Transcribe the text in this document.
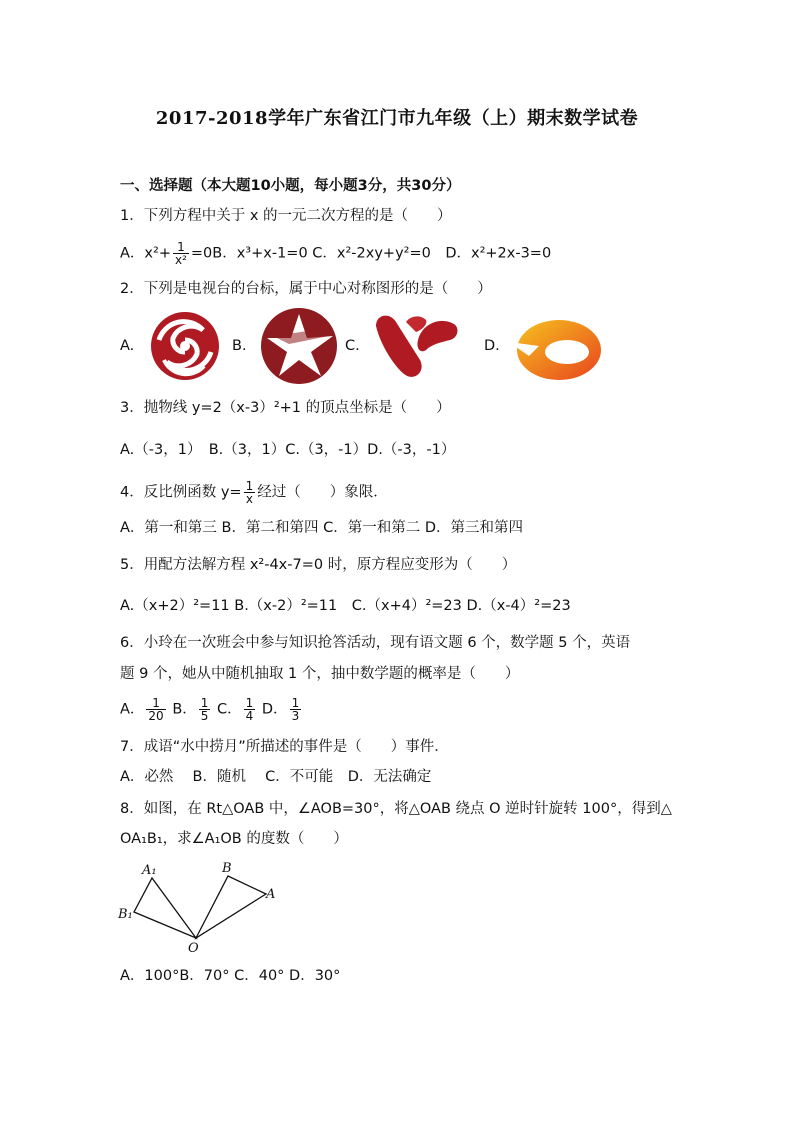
2017-2018学年广东省江门市九年级（上）期末数学试卷
一、选择题（本大题10小题，每小题3分，共30分）
1．下列方程中关于 x 的一元二次方程的是（　　）
A．$x^2+ \frac{1}{\text{x²}} =0B$．x³+x-1=0 C．x²-2xy+y²=0　D．x²+2x-3=0
2．下列是电视台的台标，属于中心对称图形的是（　　）
A.	B.	C.	D.
3．抛物线 y=2（x-3）²+1 的顶点坐标是（　　）
A.（-3，1）　B.（3，1）C.（3，-1）D.（-3，-1）
4．反比例函数 $y= \frac{1}{x}$ 经过（　　）象限．
A．第一和第三 B．第二和第四 C．第一和第二 D．第三和第四
5．用配方法解方程 x²-4x-7=0 时，原方程应变形为（　　）
A.（x+2）²=11 B.（x-2）²=11　C.（x+4）²=23 D.（x-4）²=23
6．小玲在一次班会中参与知识抢答活动，现有语文题 6 个，数学题 5 个，英语
题 9 个，她从中随机抽取 1 个，抽中数学题的概率是（　　）
A． $\frac{1}{20}$ B． $\frac{1}{5}$ C． $\frac{1}{4}$ D． $\frac{1}{3}$
7．成语“水中捞月”所描述的事件是（　　）事件．
A．必然　 B．随机　 C．不可能　D．无法确定
8．如图，在 Rt△OAB 中，∠AOB=30°，将△OAB 绕点 O 逆时针旋转 100°，得到△
OA₁B₁，求∠A₁OB 的度数（　　）
A₁	B
A
B₁
O
A．100°B．70° C．40° D．30°
